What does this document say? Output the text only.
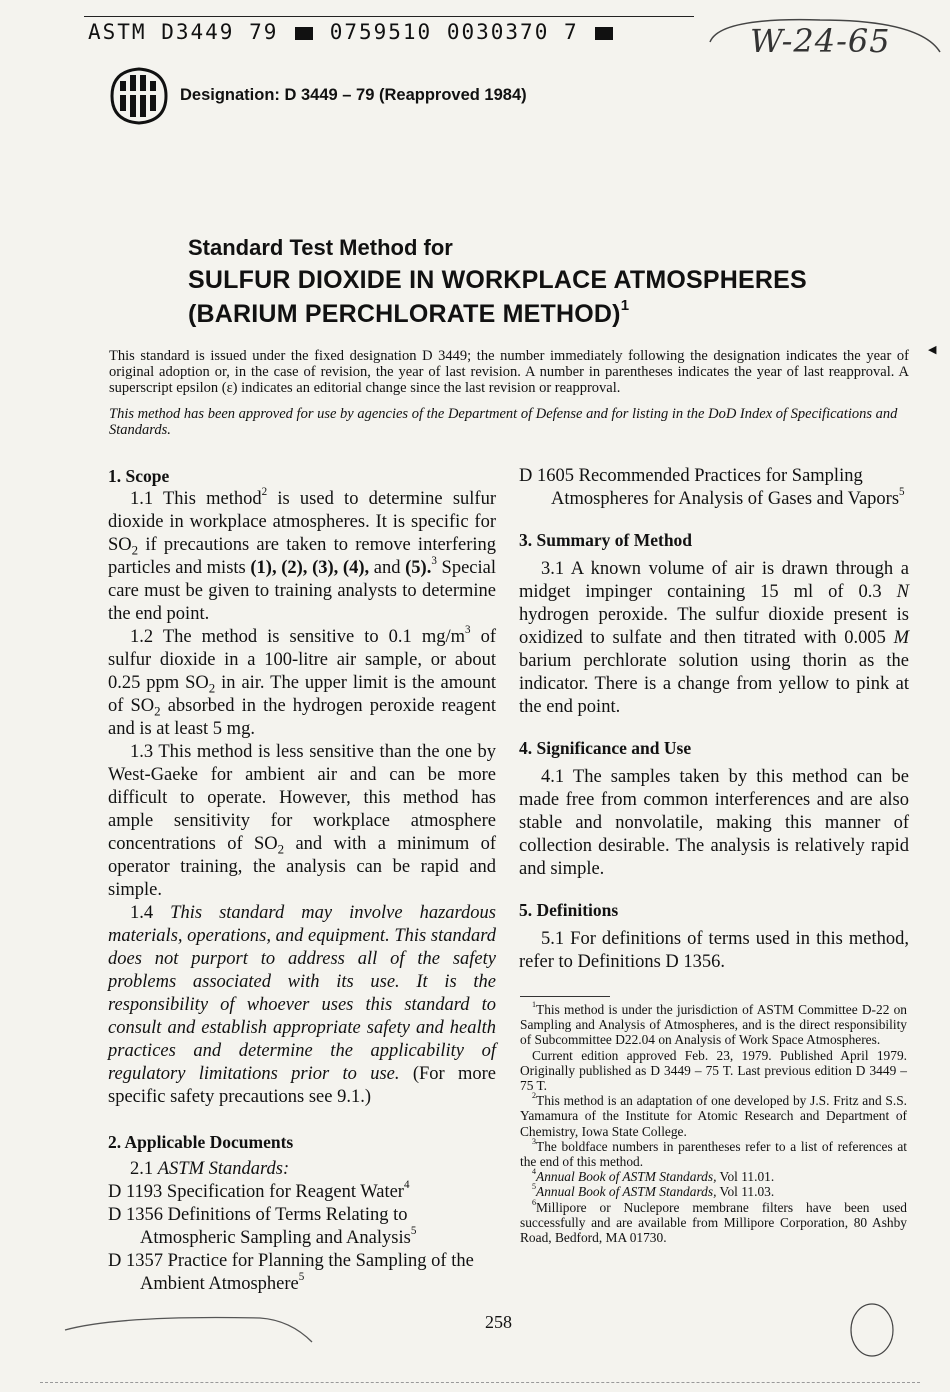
ASTM D3449 79 0759510 0030370 7	W-24-65
Designation: D 3449 – 79 (Reapproved 1984)
Standard Test Method for
SULFUR DIOXIDE IN WORKPLACE ATMOSPHERES
(BARIUM PERCHLORATE METHOD)$^1$
This standard is issued under the fixed designation D 3449; the number immediately following the designation indicates the year of original adoption or, in the case of revision, the year of last revision. A number in parentheses indicates the year of last reapproval. A superscript epsilon (ε) indicates an editorial change since the last revision or reapproval.
This method has been approved for use by agencies of the Department of Defense and for listing in the DoD Index of Specifications and Standards.
◀

1. Scope

1.1 This method$^2$ is used to determine sulfur dioxide in workplace atmospheres. It is specific for $SO_2$ if precautions are taken to remove interfering particles and mists (1), (2), (3), (4), and (5).$^3$ Special care must be given to training analysts to determine the end point.

1.2 The method is sensitive to 0.1 $mg/m^3$ of sulfur dioxide in a 100-litre air sample, or about 0.25 ppm $SO_2$ in air. The upper limit is the amount of $SO_2$ absorbed in the hydrogen peroxide reagent and is at least 5 mg.

1.3 This method is less sensitive than the one by West-Gaeke for ambient air and can be more difficult to operate. However, this method has ample sensitivity for workplace atmosphere concentrations of $SO_2$ and with a minimum of operator training, the analysis can be rapid and simple.

1.4 This standard may involve hazardous materials, operations, and equipment. This standard does not purport to address all of the safety problems associated with its use. It is the responsibility of whoever uses this standard to consult and establish appropriate safety and health practices and determine the applicability of regulatory limitations prior to use. (For more specific safety precautions see 9.1.)

2. Applicable Documents

2.1 ASTM Standards:

D 1193 Specification for Reagent Water$^4$

D 1356 Definitions of Terms Relating to Atmospheric Sampling and Analysis$^5$

D 1357 Practice for Planning the Sampling of the Ambient Atmosphere$^5$

D 1605 Recommended Practices for Sampling Atmospheres for Analysis of Gases and Vapors$^5$

3. Summary of Method

3.1 A known volume of air is drawn through a midget impinger containing 15 ml of 0.3 N hydrogen peroxide. The sulfur dioxide present is oxidized to sulfate and then titrated with 0.005 M barium perchlorate solution using thorin as the indicator. There is a change from yellow to pink at the end point.

4. Significance and Use

4.1 The samples taken by this method can be made free from common interferences and are also stable and nonvolatile, making this manner of collection desirable. The analysis is relatively rapid and simple.

5. Definitions

5.1 For definitions of terms used in this method, refer to Definitions D 1356.

$^1$This method is under the jurisdiction of ASTM Committee D-22 on Sampling and Analysis of Atmospheres, and is the direct responsibility of Subcommittee D22.04 on Analysis of Work Space Atmospheres.

Current edition approved Feb. 23, 1979. Published April 1979. Originally published as D 3449 – 75 T. Last previous edition D 3449 – 75 T.

$^2$This method is an adaptation of one developed by J.S. Fritz and S.S. Yamamura of the Institute for Atomic Research and Department of Chemistry, Iowa State College.

$^3$The boldface numbers in parentheses refer to a list of references at the end of this method.

$^4$Annual Book of ASTM Standards, Vol 11.01.

$^5$Annual Book of ASTM Standards, Vol 11.03.

$^6$Millipore or Nuclepore membrane filters have been used successfully and are available from Millipore Corporation, 80 Ashby Road, Bedford, MA 01730.

258
